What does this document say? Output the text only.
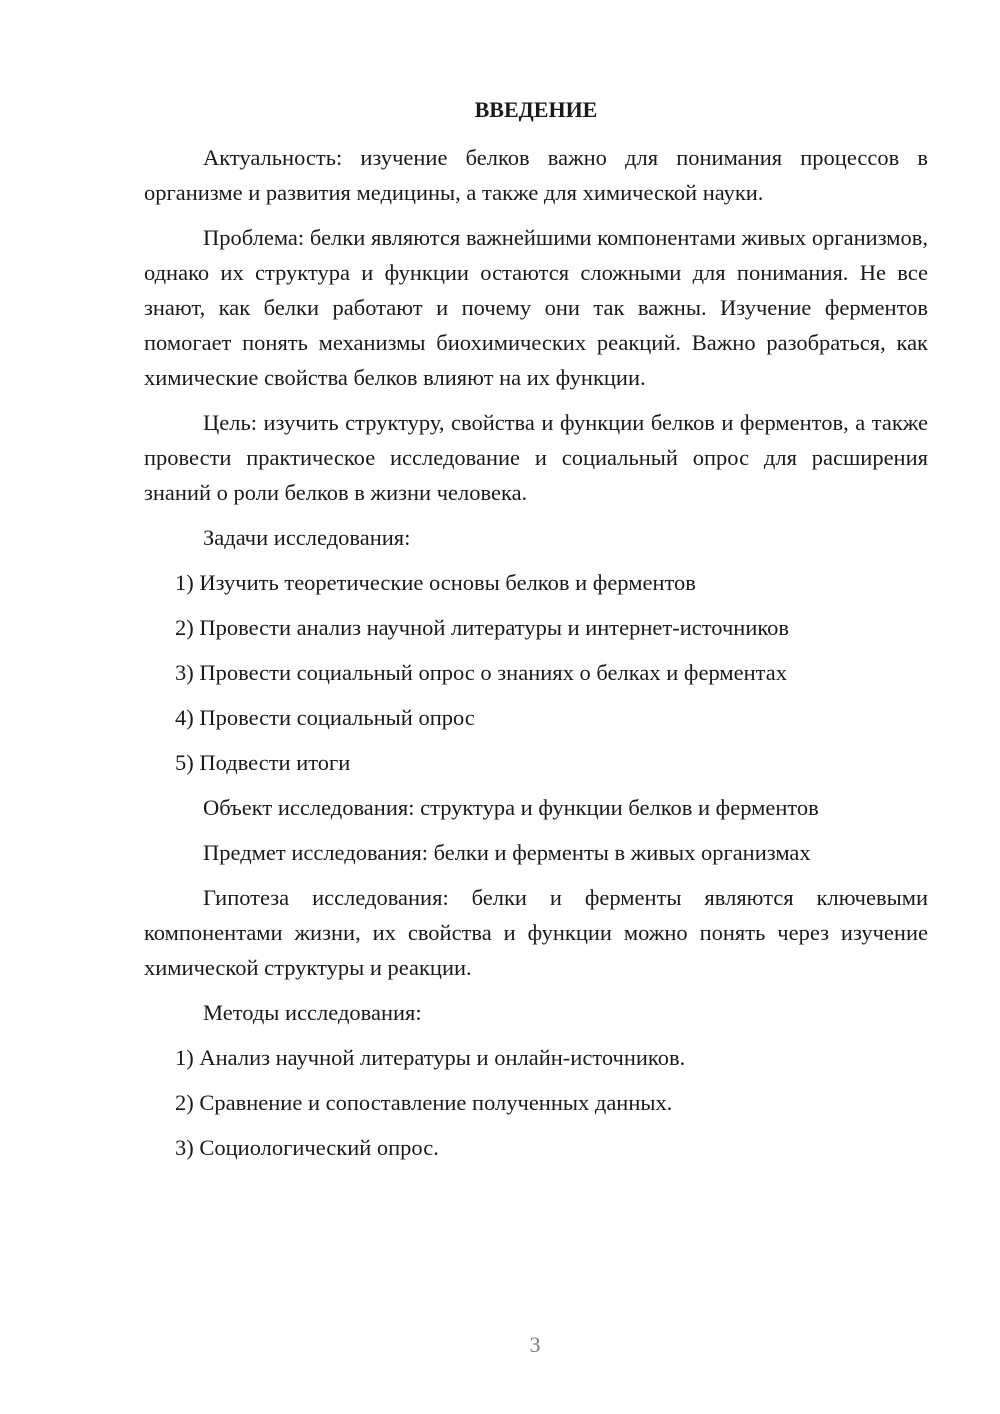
ВВЕДЕНИЕ
Актуальность: изучение белков важно для понимания процессов в организме и развития медицины, а также для химической науки.
Проблема: белки являются важнейшими компонентами живых организмов, однако их структура и функции остаются сложными для понимания. Не все знают, как белки работают и почему они так важны. Изучение ферментов помогает понять механизмы биохимических реакций. Важно разобраться, как химические свойства белков влияют на их функции.
Цель: изучить структуру, свойства и функции белков и ферментов, а также провести практическое исследование и социальный опрос для расширения знаний о роли белков в жизни человека.
Задачи исследования:
1) Изучить теоретические основы белков и ферментов
2) Провести анализ научной литературы и интернет-источников
3) Провести социальный опрос о знаниях о белках и ферментах
4) Провести социальный опрос
5) Подвести итоги
Объект исследования: структура и функции белков и ферментов
Предмет исследования: белки и ферменты в живых организмах
Гипотеза исследования: белки и ферменты являются ключевыми компонентами жизни, их свойства и функции можно понять через изучение химической структуры и реакции.
Методы исследования:
1) Анализ научной литературы и онлайн-источников.
2) Сравнение и сопоставление полученных данных.
3) Социологический опрос.
3
